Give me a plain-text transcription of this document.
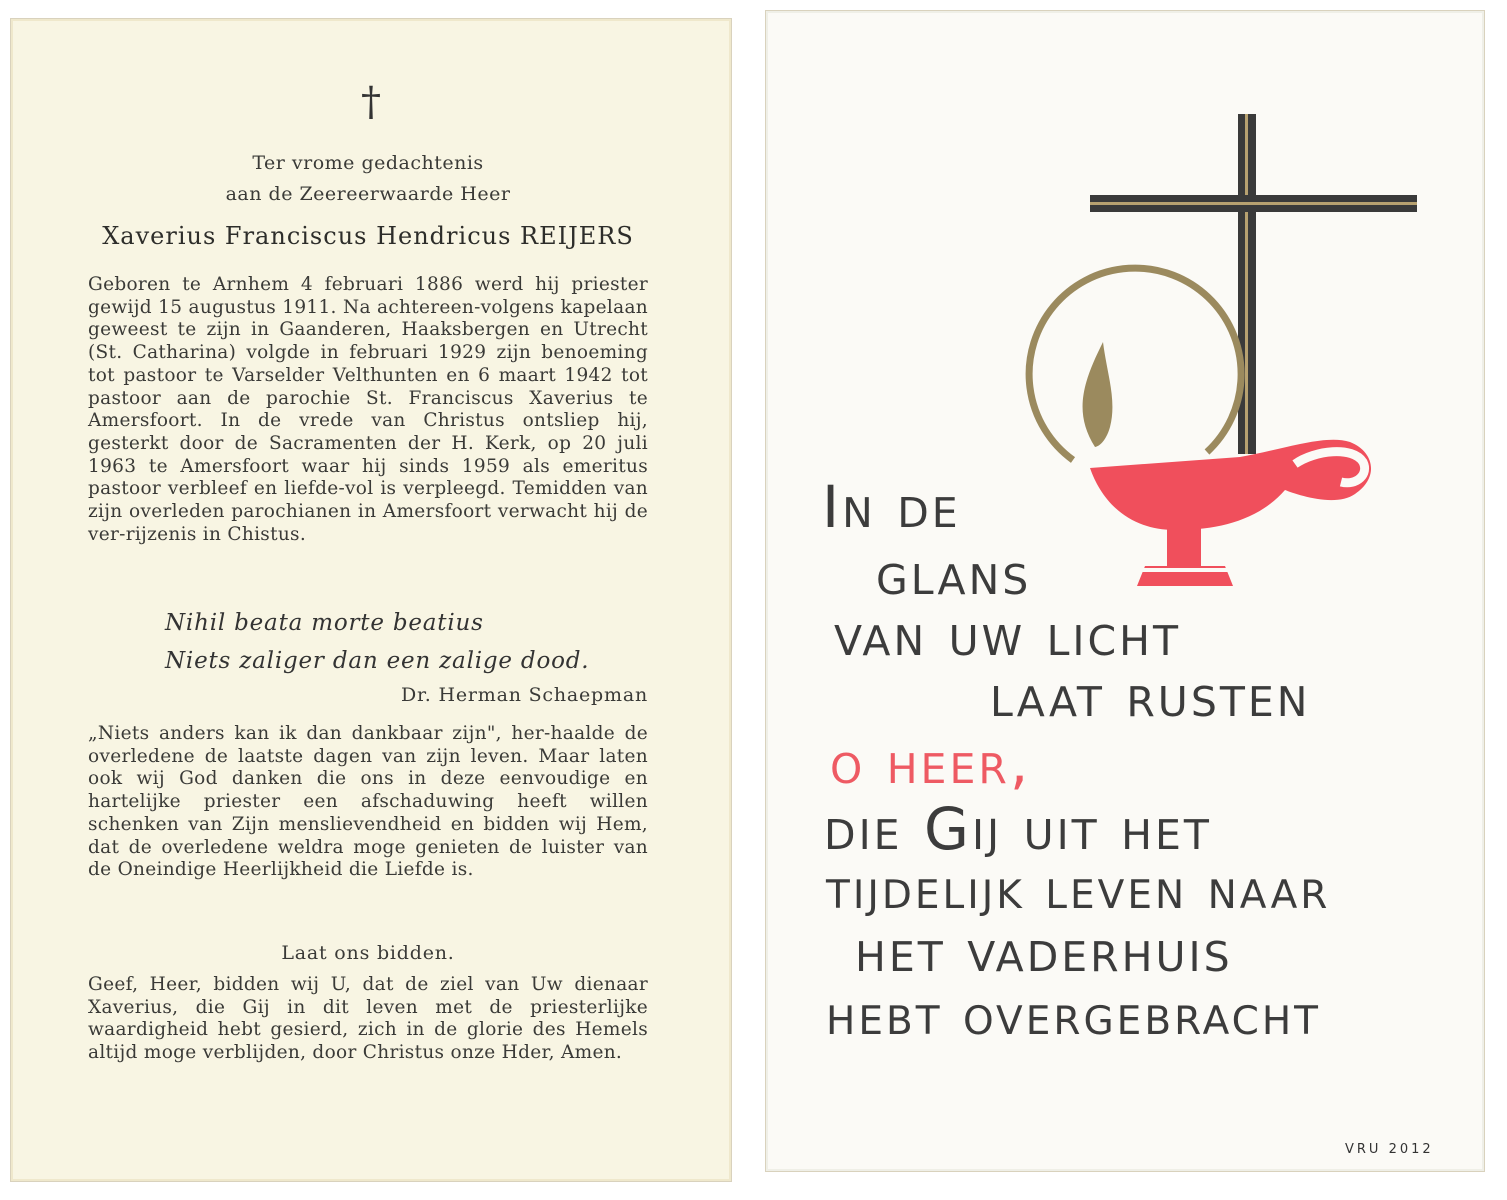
†
Ter vrome gedachtenis
aan de Zeereerwaarde Heer
Xaverius Franciscus Hendricus REIJERS
Geboren te Arnhem 4 februari 1886 werd hij priester gewijd 15 augustus 1911. Na achtereen-volgens kapelaan geweest te zijn in Gaanderen, Haaksbergen en Utrecht (St. Catharina) volgde in februari 1929 zijn benoeming tot pastoor te Varselder Velthunten en 6 maart 1942 tot pastoor aan de parochie St. Franciscus Xaverius te Amersfoort. In de vrede van Christus ontsliep hij, gesterkt door de Sacramenten der H. Kerk, op 20 juli 1963 te Amersfoort waar hij sinds 1959 als emeritus pastoor verbleef en liefde-vol is verpleegd. Temidden van zijn overleden parochianen in Amersfoort verwacht hij de ver-rijzenis in Chistus.
Nihil beata morte beatius
Niets zaliger dan een zalige dood.
Dr. Herman Schaepman
„Niets anders kan ik dan dankbaar zijn", her-haalde de overledene de laatste dagen van zijn leven. Maar laten ook wij God danken die ons in deze eenvoudige en hartelijke priester een afschaduwing heeft willen schenken van Zijn menslievendheid en bidden wij Hem, dat de overledene weldra moge genieten de luister van de Oneindige Heerlijkheid die Liefde is.
Laat ons bidden.
Geef, Heer, bidden wij U, dat de ziel van Uw dienaar Xaverius, die Gij in dit leven met de priesterlijke waardigheid hebt gesierd, zich in de glorie des Hemels altijd moge verblijden, door Christus onze Hder, Amen.
In de
glans
van uw licht
laat rusten
o heer,
die Gij uit het
tijdelijk leven naar
het vaderhuis
hebt overgebracht
VRU 2012
